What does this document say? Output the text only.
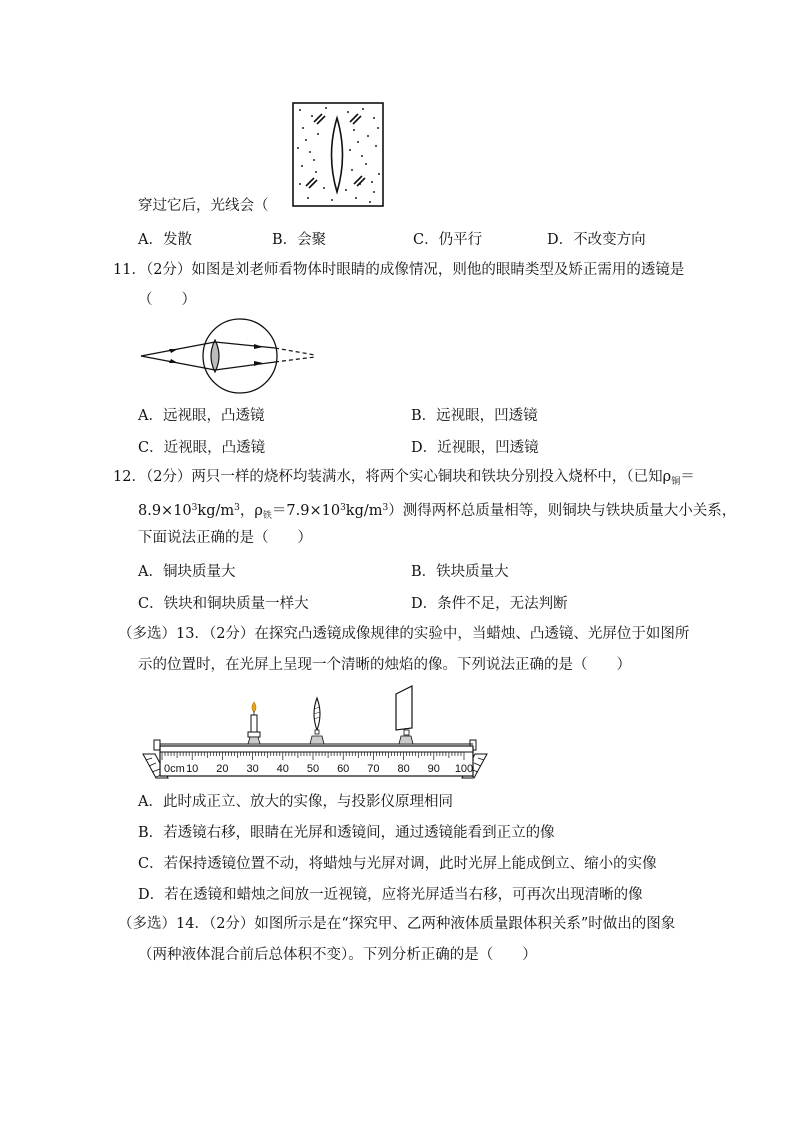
穿过它后，光线会（
A．发散	B．会聚	C．仍平行	D．不改变方向
11．（2分）如图是刘老师看物体时眼睛的成像情况，则他的眼睛类型及矫正需用的透镜是
（　　）
A．远视眼，凸透镜	B．远视眼，凹透镜
C．近视眼，凸透镜	D．近视眼，凹透镜
12．（2分）两只一样的烧杯均装满水，将两个实心铜块和铁块分别投入烧杯中，（已知$\rho_铜=$
$8.9\times 10^3kg/m^3$，$\rho_铁=7.9\times 10^3kg/m^3$）测得两杯总质量相等，则铜块与铁块质量大小关系，
下面说法正确的是（　　）
A．铜块质量大	B．铁块质量大
C．铁块和铜块质量一样大	D．条件不足，无法判断
（多选）13．（2分）在探究凸透镜成像规律的实验中，当蜡烛、凸透镜、光屏位于如图所
示的位置时，在光屏上呈现一个清晰的烛焰的像。下列说法正确的是（　　）
0cm 10 20 30 40 50 60 70 80 90 100
A．此时成正立、放大的实像，与投影仪原理相同
B．若透镜右移，眼睛在光屏和透镜间，通过透镜能看到正立的像
C．若保持透镜位置不动，将蜡烛与光屏对调，此时光屏上能成倒立、缩小的实像
D．若在透镜和蜡烛之间放一近视镜，应将光屏适当右移，可再次出现清晰的像
（多选）14．（2分）如图所示是在“探究甲、乙两种液体质量跟体积关系”时做出的图象
（两种液体混合前后总体积不变）。下列分析正确的是（　　）
